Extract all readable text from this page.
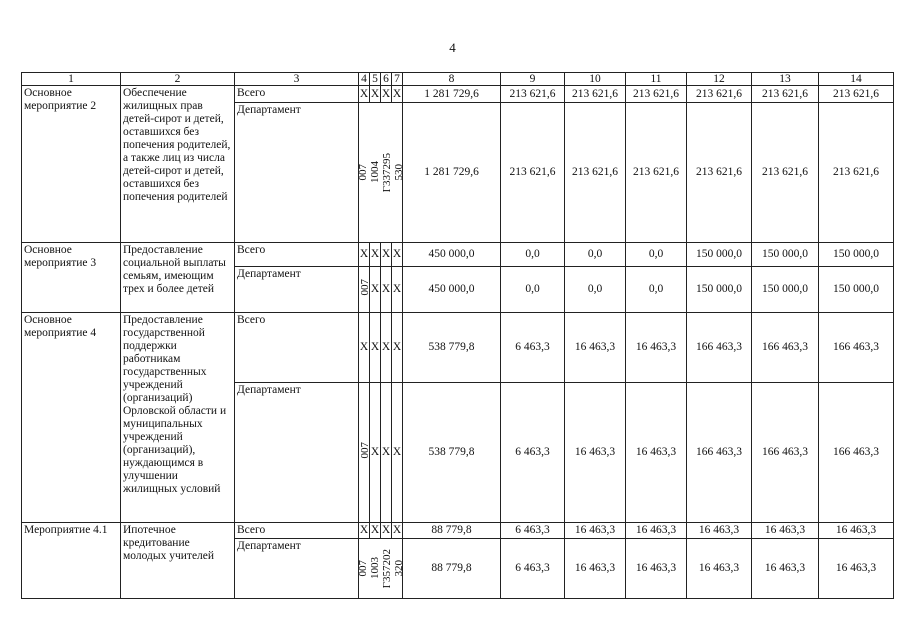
4
1	2	3	4	5	6	7	8	9	10	11	12	13	14
Основное мероприятие 2	Обеспечение жилищных прав детей-сирот и детей, оставшихся без попечения родителей, а также лиц из числа детей-сирот и детей, оставшихся без попечения родителей	Всего	X	X	X	X	1 281 729,6	213 621,6	213 621,6	213 621,6	213 621,6	213 621,6	213 621,6
		Департамент	007 1004 Г337295 530				1 281 729,6	213 621,6	213 621,6	213 621,6	213 621,6	213 621,6	213 621,6
Основное мероприятие 3	Предоставление социальной выплаты семьям, имеющим трех и более детей	Всего	X	X	X	X	450 000,0	0,0	0,0	0,0	150 000,0	150 000,0	150 000,0
		Департамент	007	X	X	X	450 000,0	0,0	0,0	0,0	150 000,0	150 000,0	150 000,0
Основное мероприятие 4	Предоставление государственной поддержки работникам государственных учреждений (организаций) Орловской области и муниципальных учреждений (организаций), нуждающимся в улучшении жилищных условий	Всего	X	X	X	X	538 779,8	6 463,3	16 463,3	16 463,3	166 463,3	166 463,3	166 463,3
		Департамент	007	X	X	X	538 779,8	6 463,3	16 463,3	16 463,3	166 463,3	166 463,3	166 463,3
Мероприятие 4.1	Ипотечное кредитование молодых учителей	Всего	X	X	X	X	88 779,8	6 463,3	16 463,3	16 463,3	16 463,3	16 463,3	16 463,3
		Департамент	007 1003 Г357202 320				88 779,8	6 463,3	16 463,3	16 463,3	16 463,3	16 463,3	16 463,3
